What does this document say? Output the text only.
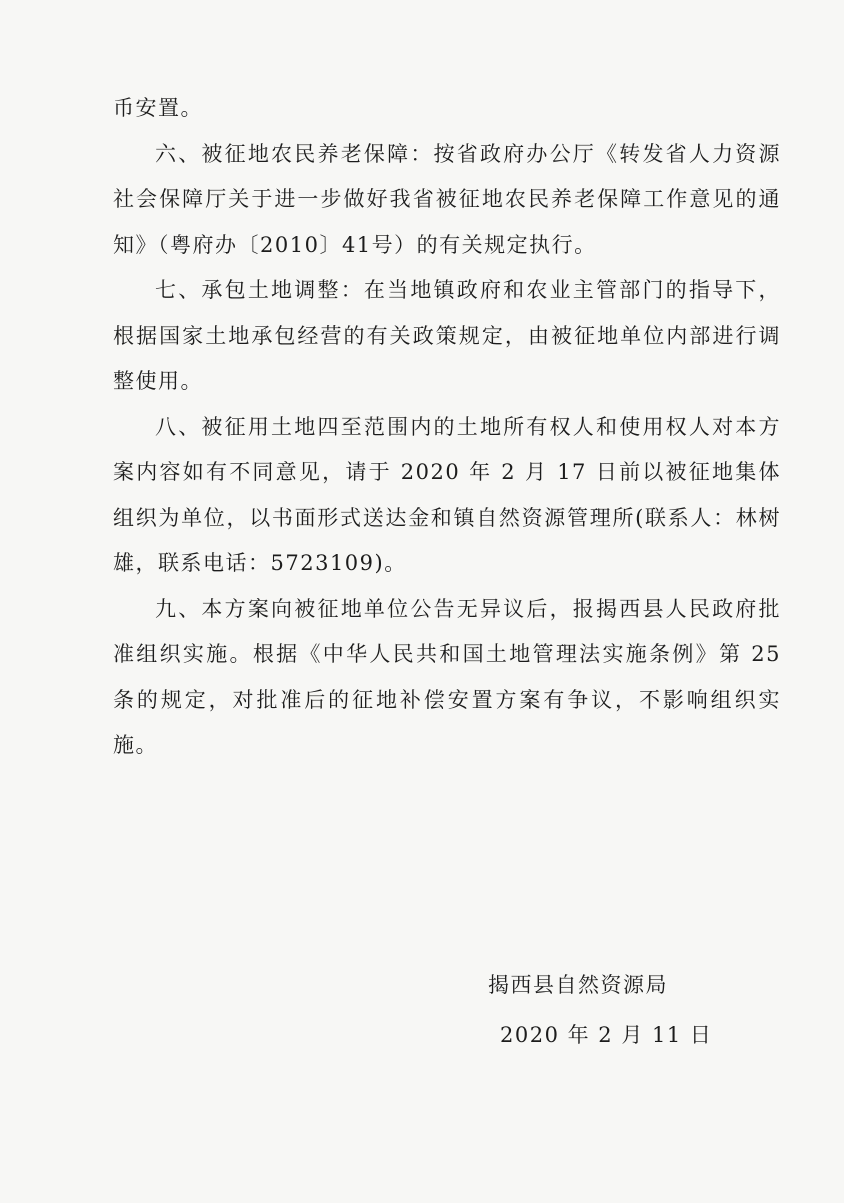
币安置。

六、被征地农民养老保障：按省政府办公厅《转发省人力资源社会保障厅关于进一步做好我省被征地农民养老保障工作意见的通知》（粤府办〔2010〕41号）的有关规定执行。

七、承包土地调整：在当地镇政府和农业主管部门的指导下，根据国家土地承包经营的有关政策规定，由被征地单位内部进行调整使用。

八、被征用土地四至范围内的土地所有权人和使用权人对本方案内容如有不同意见，请于 2020 年 2 月 17 日前以被征地集体组织为单位，以书面形式送达金和镇自然资源管理所(联系人：林树雄，联系电话：5723109)。

九、本方案向被征地单位公告无异议后，报揭西县人民政府批准组织实施。根据《中华人民共和国土地管理法实施条例》第 25 条的规定，对批准后的征地补偿安置方案有争议，不影响组织实施。

揭西县自然资源局
2020 年 2 月 11 日
